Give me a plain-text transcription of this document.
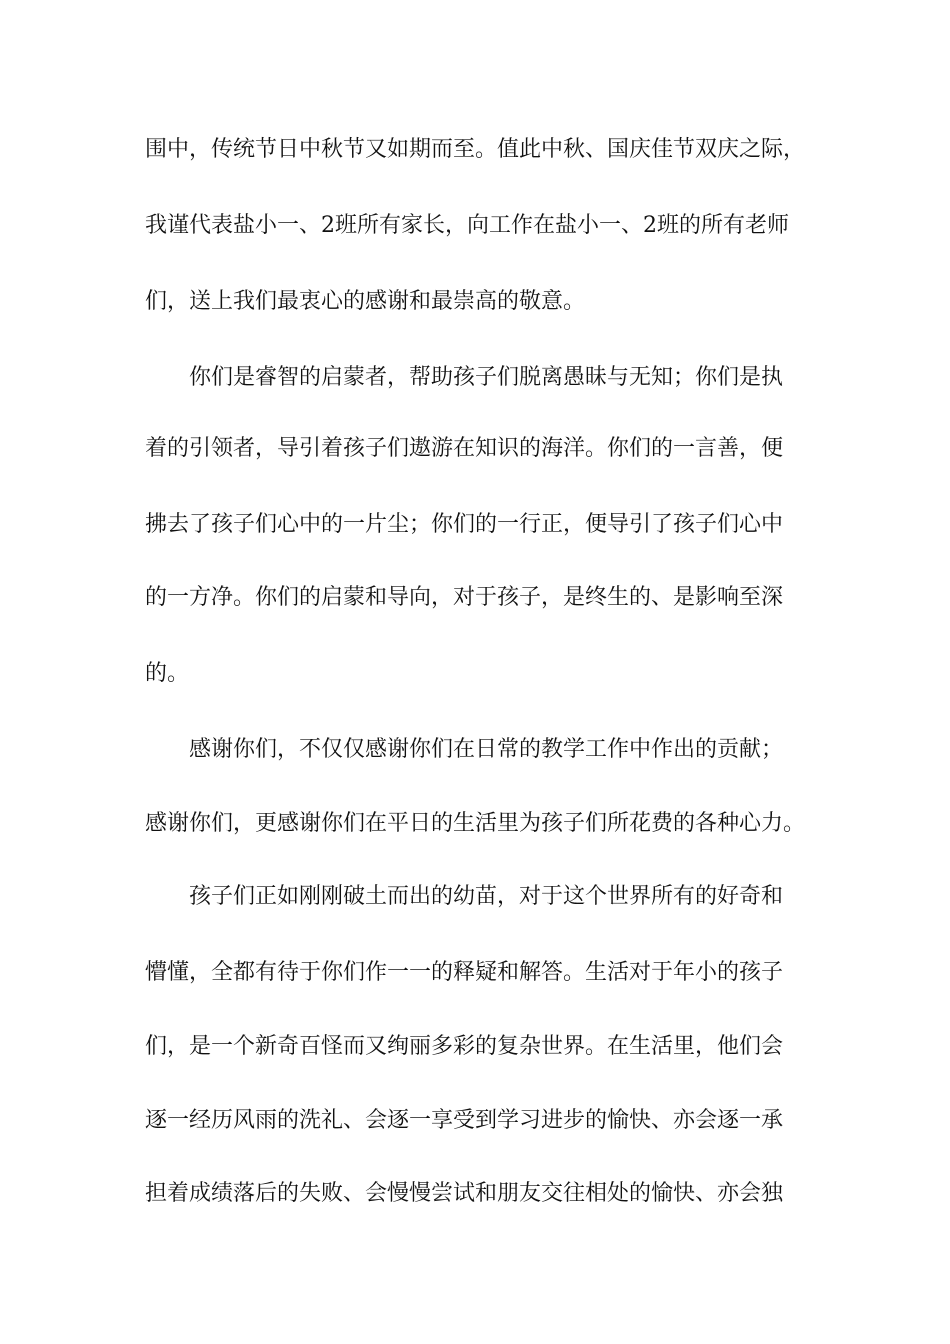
围中，传统节日中秋节又如期而至。值此中秋、国庆佳节双庆之际，
我谨代表盐小一、2班所有家长，向工作在盐小一、2班的所有老师
们，送上我们最衷心的感谢和最崇高的敬意。
你们是睿智的启蒙者，帮助孩子们脱离愚昧与无知；你们是执
着的引领者，导引着孩子们遨游在知识的海洋。你们的一言善，便
拂去了孩子们心中的一片尘；你们的一行正，便导引了孩子们心中
的一方净。你们的启蒙和导向，对于孩子，是终生的、是影响至深
的。
感谢你们，不仅仅感谢你们在日常的教学工作中作出的贡献；
感谢你们，更感谢你们在平日的生活里为孩子们所花费的各种心力。
孩子们正如刚刚破土而出的幼苗，对于这个世界所有的好奇和
懵懂，全都有待于你们作一一的释疑和解答。生活对于年小的孩子
们，是一个新奇百怪而又绚丽多彩的复杂世界。在生活里，他们会
逐一经历风雨的洗礼、会逐一享受到学习进步的愉快、亦会逐一承
担着成绩落后的失败、会慢慢尝试和朋友交往相处的愉快、亦会独
